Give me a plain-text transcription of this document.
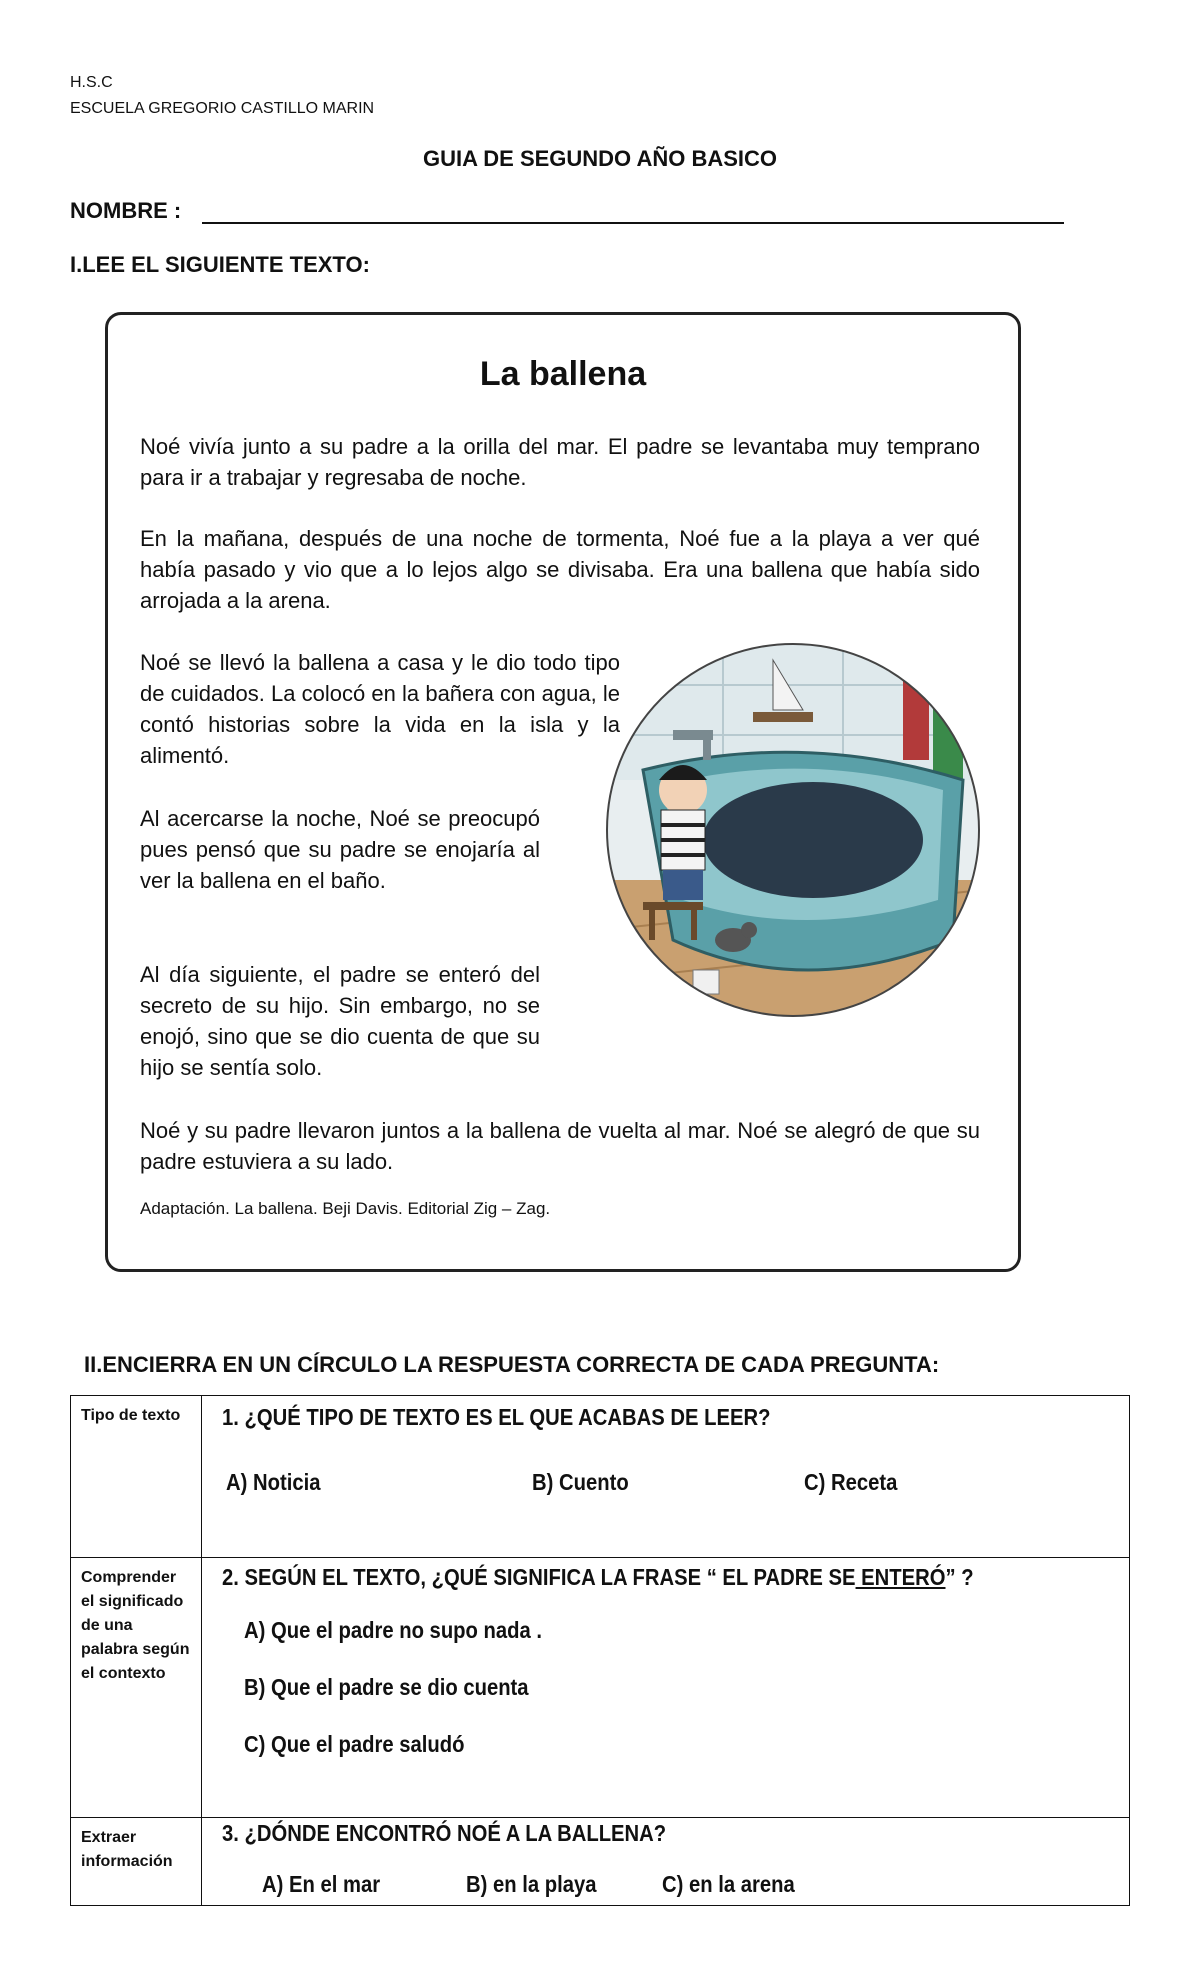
H.S.C
ESCUELA GREGORIO CASTILLO MARIN
GUIA DE SEGUNDO AÑO BASICO
NOMBRE :
I.LEE EL SIGUIENTE TEXTO:
La ballena
Noé vivía junto a su padre a la orilla del mar. El padre se levantaba muy temprano para ir a trabajar y regresaba de noche.
En la mañana, después de una noche de tormenta, Noé fue a la playa a ver qué había pasado y vio que a lo lejos algo se divisaba. Era una ballena que había sido arrojada a la arena.
Noé se llevó la ballena a casa y le dio todo tipo de cuidados. La colocó en la bañera con agua, le contó historias sobre la vida en la isla y la alimentó.
Al acercarse la noche, Noé se preocupó pues pensó que su padre se enojaría al ver la ballena en el baño.
Al día siguiente, el padre se enteró del secreto de su hijo. Sin embargo, no se enojó, sino que se dio cuenta de que su hijo se sentía solo.
Noé y su padre llevaron juntos a la ballena de vuelta al mar. Noé se alegró de que su padre estuviera a su lado.
Adaptación. La ballena. Beji Davis. Editorial Zig – Zag.
II.ENCIERRA EN UN CÍRCULO LA RESPUESTA CORRECTA DE CADA PREGUNTA:
Tipo de texto	1. ¿QUÉ TIPO DE TEXTO ES EL QUE ACABAS DE LEER?
A) Noticia B) Cuento C) Receta

Comprender el significado de una palabra según el contexto	2. SEGÚN EL TEXTO, ¿QUÉ SIGNIFICA LA FRASE “ EL PADRE SE ENTERÓ” ?
A) Que el padre no supo nada .
B) Que el padre se dio cuenta
C) Que el padre saludó

Extraer información	3. ¿DÓNDE ENCONTRÓ NOÉ A LA BALLENA?
A) En el mar B) en la playa C) en la arena
